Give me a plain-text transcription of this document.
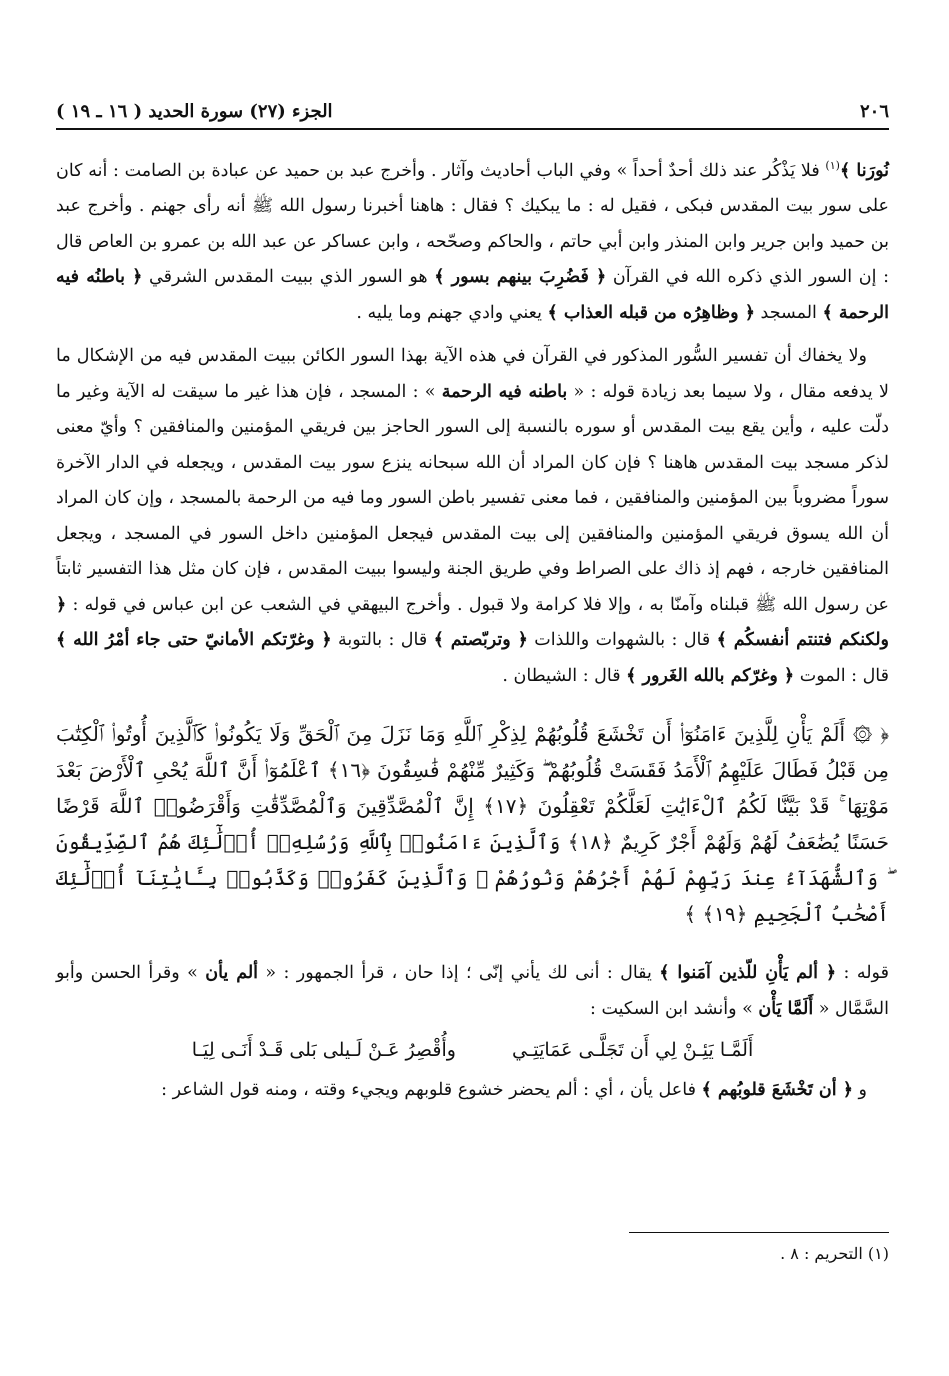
٢٠٦
الجزء (٢٧) سورة الحديد ( ١٦ ـ ١٩ )

نُورَنا ﴾$^{(١)}$ فلا يَذْكُر عند ذلك أحدٌ أحداً » وفي الباب أحاديث وآثار . وأخرج عبد بن حميد عن عبادة بن الصامت : أنه كان على سور بيت المقدس فبكى ، فقيل له : ما يبكيك ؟ فقال : هاهنا أخبرنا رسول الله ﷺ أنه رأى جهنم . وأخرج عبد بن حميد وابن جرير وابن المنذر وابن أبي حاتم ، والحاكم وصحّحه ، وابن عساكر عن عبد الله بن عمرو بن العاص قال : إن السور الذي ذكره الله في القرآن ﴿ فَضُرِبَ بينهم بسور ﴾ هو السور الذي ببيت المقدس الشرقي ﴿ باطنُه فيه الرحمة ﴾ المسجد ﴿ وظاهِرُه من قبله العذاب ﴾ يعني وادي جهنم وما يليه .

ولا يخفاك أن تفسير السُّور المذكور في القرآن في هذه الآية بهذا السور الكائن ببيت المقدس فيه من الإشكال ما لا يدفعه مقال ، ولا سيما بعد زيادة قوله : « باطنه فيه الرحمة » : المسجد ، فإن هذا غير ما سيقت له الآية وغير ما دلّت عليه ، وأين يقع بيت المقدس أو سوره بالنسبة إلى السور الحاجز بين فريقي المؤمنين والمنافقين ؟ وأيّ معنى لذكر مسجد بيت المقدس هاهنا ؟ فإن كان المراد أن الله سبحانه ينزع سور بيت المقدس ، ويجعله في الدار الآخرة سوراً مضروباً بين المؤمنين والمنافقين ، فما معنى تفسير باطن السور وما فيه من الرحمة بالمسجد ، وإن كان المراد أن الله يسوق فريقي المؤمنين والمنافقين إلى بيت المقدس فيجعل المؤمنين داخل السور في المسجد ، ويجعل المنافقين خارجه ، فهم إذ ذاك على الصراط وفي طريق الجنة وليسوا ببيت المقدس ، فإن كان مثل هذا التفسير ثابتاً عن رسول الله ﷺ قبلناه وآمنّا به ، وإلا فلا كرامة ولا قبول . وأخرج البيهقي في الشعب عن ابن عباس في قوله : ﴿ ولكنكم فتنتم أنفسكُم ﴾ قال : بالشهوات واللذات ﴿ وتربّصتم ﴾ قال : بالتوبة ﴿ وغرّتكم الأمانيّ حتى جاء أمْرُ الله ﴾ قال : الموت ﴿ وغرّكم بالله الغَرور ﴾ قال : الشيطان .

﴿ ۞ أَلَمْ يَأْنِ لِلَّذِينَ ءَامَنُوٓا۟ أَن تَخْشَعَ قُلُوبُهُمْ لِذِكْرِ ٱللَّهِ وَمَا نَزَلَ مِنَ ٱلْحَقِّ وَلَا يَكُونُوا۟ كَٱلَّذِينَ أُوتُوا۟ ٱلْكِتَٰبَ مِن قَبْلُ فَطَالَ عَلَيْهِمُ ٱلْأَمَدُ فَقَسَتْ قُلُوبُهُمْ ۖ وَكَثِيرٌ مِّنْهُمْ فَٰسِقُونَ ﴿١٦﴾ ٱعْلَمُوٓا۟ أَنَّ ٱللَّهَ يُحْىِ ٱلْأَرْضَ بَعْدَ مَوْتِهَا ۚ قَدْ بَيَّنَّا لَكُمُ ٱلْءَايَٰتِ لَعَلَّكُمْ تَعْقِلُونَ ﴿١٧﴾ إِنَّ ٱلْمُصَّدِّقِينَ وَٱلْمُصَّدِّقَٰتِ وَأَقْرَضُوا۟ ٱللَّهَ قَرْضًا حَسَنًا يُضَٰعَفُ لَهُمْ وَلَهُمْ أَجْرٌ كَرِيمٌ ﴿١٨﴾ وَٱلَّذِينَ ءَامَنُوا۟ بِٱللَّهِ وَرُسُلِهِۦٓ أُو۟لَٰٓئِكَ هُمُ ٱلصِّدِّيقُونَ ۖ وَٱلشُّهَدَآءُ عِندَ رَبِّهِمْ لَهُمْ أَجْرُهُمْ وَنُورُهُمْ ۖ وَٱلَّذِينَ كَفَرُوا۟ وَكَذَّبُوا۟ بِـَٔايَٰتِنَآ أُو۟لَٰٓئِكَ أَصْحَٰبُ ٱلْجَحِيمِ ﴿١٩﴾ ﴾

قوله : ﴿ ألم يَأْنِ للّذين آمَنوا ﴾ يقال : أنى لك يأني إنّى ؛ إذا حان ، قرأ الجمهور : « ألم يأن » وقرأ الحسن وأبو السَّمَّال « أَلَمَّا يَأْن » وأنشد ابن السكيت :

أَلَمَّـا يَئِـنْ لِي أَن تَجَلَّـى عَمَايَتِـيوأُقْصِرُ عَـنْ لَـيلى بَلى قَـدْ أَنَـى لِيَـا

و ﴿ أن تَخْشَعَ قلوبُهم ﴾ فاعل يأن ، أي : ألم يحضر خشوع قلوبهم ويجيء وقته ، ومنه قول الشاعر :

(١) التحريم : ٨ .
